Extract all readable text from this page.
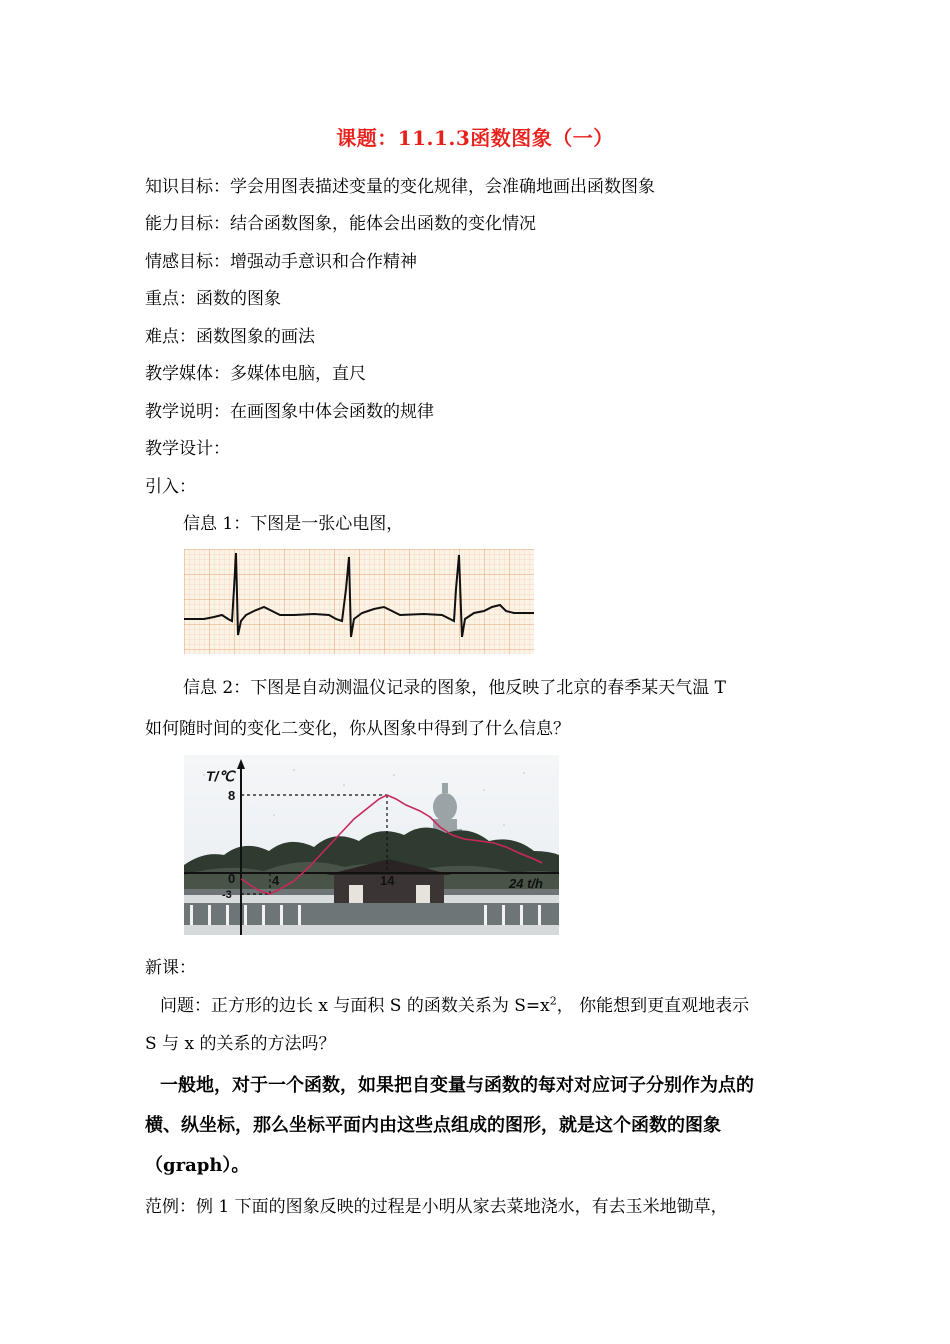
课题：11.1.3函数图象（一）
知识目标：学会用图表描述变量的变化规律，会准确地画出函数图象
能力目标：结合函数图象，能体会出函数的变化情况
情感目标：增强动手意识和合作精神
重点：函数的图象
难点：函数图象的画法
教学媒体：多媒体电脑，直尺
教学说明：在画图象中体会函数的规律
教学设计：
引入：
信息 1：下图是一张心电图，
信息 2：下图是自动测温仪记录的图象，他反映了北京的春季某天气温 T
如何随时间的变化二变化，你从图象中得到了什么信息？
T/℃
8
0
-3
4	14	24 t/h
新课：
问题：正方形的边长 x 与面积 S 的函数关系为 $S=x^2$， 你能想到更直观地表示
S 与 x 的关系的方法吗？
一般地，对于一个函数，如果把自变量与函数的每对对应诃子分别作为点的
横、纵坐标，那么坐标平面内由这些点组成的图形，就是这个函数的图象
（graph）。
范例：例 1 下面的图象反映的过程是小明从家去菜地浇水，有去玉米地锄草，
